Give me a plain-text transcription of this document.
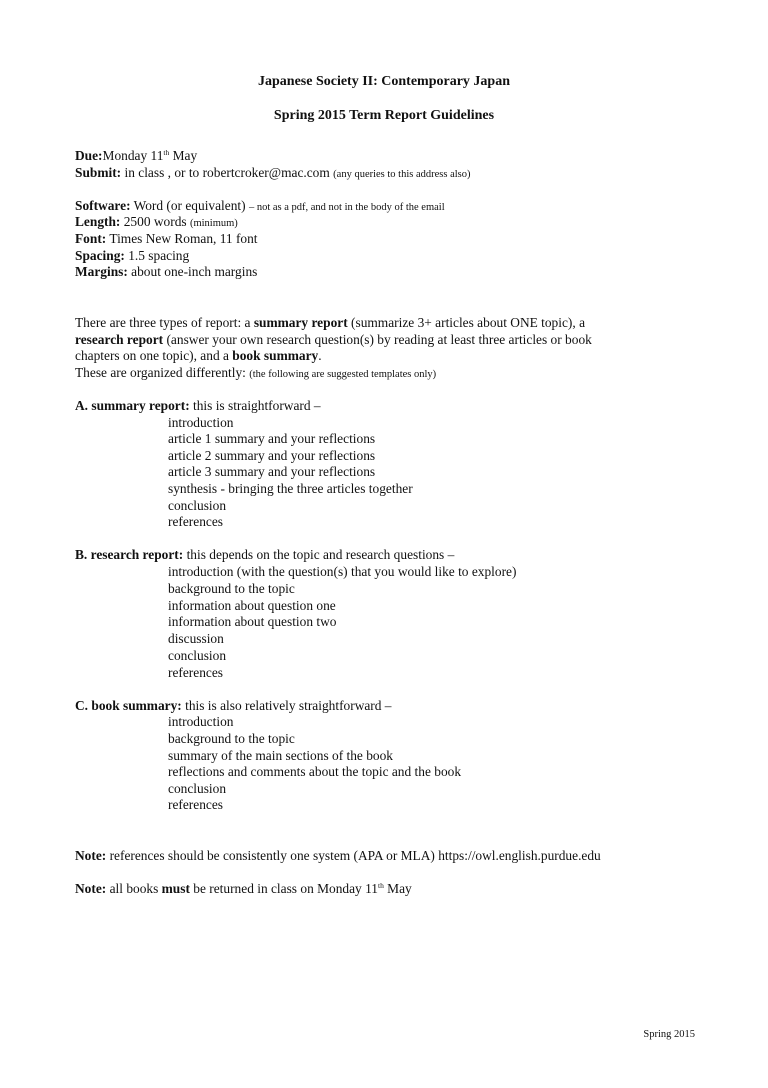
Japanese Society II: Contemporary Japan
Spring 2015 Term Report Guidelines
Due:Monday 11th May
Submit: in class , or to robertcroker@mac.com (any queries to this address also)
Software: Word (or equivalent) – not as a pdf, and not in the body of the email
Length: 2500 words (minimum)
Font: Times New Roman, 11 font
Spacing: 1.5 spacing
Margins: about one-inch margins
There are three types of report: a summary report (summarize 3+ articles about ONE topic), a
research report (answer your own research question(s) by reading at least three articles or book
chapters on one topic), and a book summary.
These are organized differently: (the following are suggested templates only)
A. summary report: this is straightforward –
introduction
article 1 summary and your reflections
article 2 summary and your reflections
article 3 summary and your reflections
synthesis - bringing the three articles together
conclusion
references
B. research report: this depends on the topic and research questions –
introduction (with the question(s) that you would like to explore)
background to the topic
information about question one
information about question two
discussion
conclusion
references
C. book summary: this is also relatively straightforward –
introduction
background to the topic
summary of the main sections of the book
reflections and comments about the topic and the book
conclusion
references
Note: references should be consistently one system (APA or MLA) https://owl.english.purdue.edu
Note: all books must be returned in class on Monday 11th May
Spring 2015
